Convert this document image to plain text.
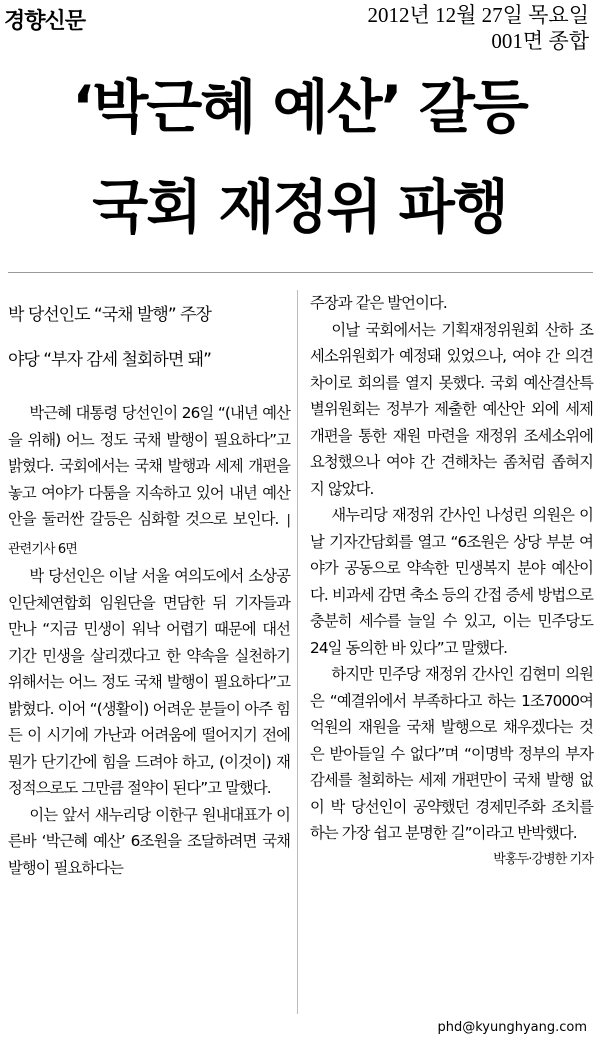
경향신문	2012년 12월 27일 목요일
001면 종합
‘박근혜 예산’ 갈등
국회 재정위 파행
박 당선인도 “국채 발행” 주장
야당 “부자 감세 철회하면 돼”

박근혜 대통령 당선인이 26일 “(내년 예산을 위해) 어느 정도 국채 발행이 필요하다”고 밝혔다. 국회에서는 국채 발행과 세제 개편을 놓고 여야가 다툼을 지속하고 있어 내년 예산안을 둘러싼 갈등은 심화할 것으로 보인다. | 관련기사 6면

박 당선인은 이날 서울 여의도에서 소상공인단체연합회 임원단을 면담한 뒤 기자들과 만나 “지금 민생이 워낙 어렵기 때문에 대선 기간 민생을 살리겠다고 한 약속을 실천하기 위해서는 어느 정도 국채 발행이 필요하다”고 밝혔다. 이어 “(생활이) 어려운 분들이 아주 힘든 이 시기에 가난과 어려움에 떨어지기 전에 뭔가 단기간에 힘을 드려야 하고, (이것이) 재정적으로도 그만큼 절약이 된다”고 말했다.

이는 앞서 새누리당 이한구 원내대표가 이른바 ‘박근혜 예산’ 6조원을 조달하려면 국채 발행이 필요하다는

주장과 같은 발언이다.

이날 국회에서는 기획재정위원회 산하 조세소위원회가 예정돼 있었으나, 여야 간 의견 차이로 회의를 열지 못했다. 국회 예산결산특별위원회는 정부가 제출한 예산안 외에 세제 개편을 통한 재원 마련을 재정위 조세소위에 요청했으나 여야 간 견해차는 좀처럼 좁혀지지 않았다.

새누리당 재정위 간사인 나성린 의원은 이날 기자간담회를 열고 “6조원은 상당 부분 여야가 공동으로 약속한 민생복지 분야 예산이다. 비과세 감면 축소 등의 간접 증세 방법으로 충분히 세수를 늘일 수 있고, 이는 민주당도 24일 동의한 바 있다”고 말했다.

하지만 민주당 재정위 간사인 김현미 의원은 “예결위에서 부족하다고 하는 1조7000여억원의 재원을 국채 발행으로 채우겠다는 것은 받아들일 수 없다”며 “이명박 정부의 부자 감세를 철회하는 세제 개편만이 국채 발행 없이 박 당선인이 공약했던 경제민주화 조치를 하는 가장 쉽고 분명한 길”이라고 반박했다.
박홍두·강병한 기자

phd@kyunghyang.com
